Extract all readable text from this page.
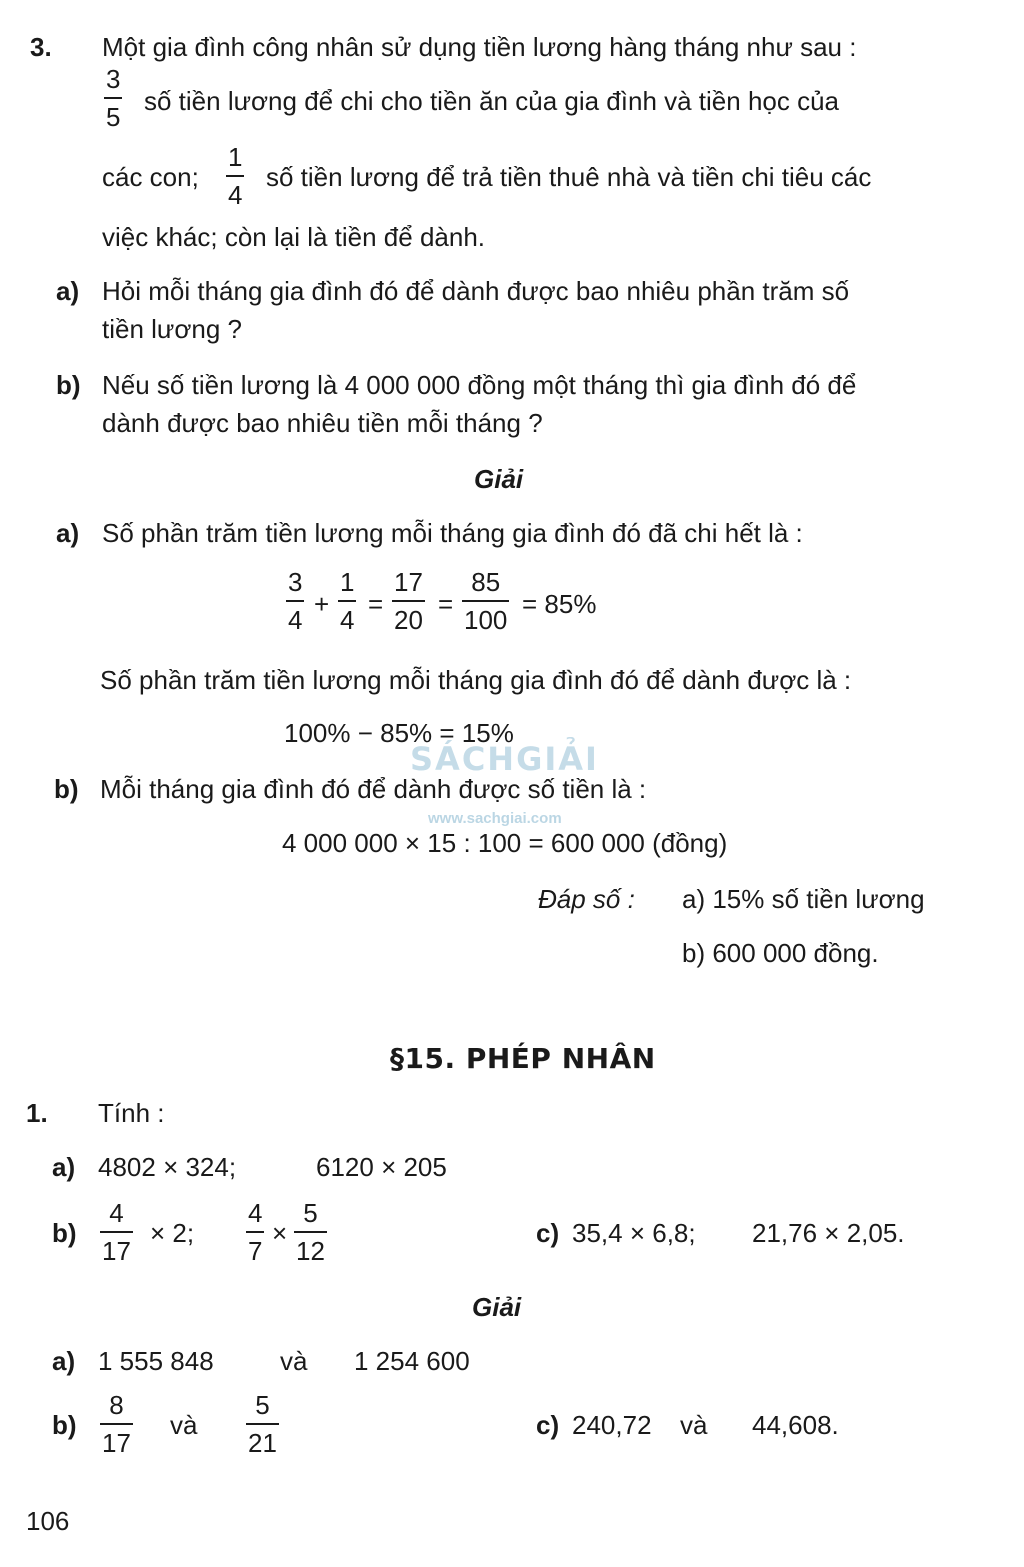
3. Một gia đình công nhân sử dụng tiền lương hàng tháng như sau :
3
5
số tiền lương để chi cho tiền ăn của gia đình và tiền học của
các con;
1
4
số tiền lương để trả tiền thuê nhà và tiền chi tiêu các
việc khác; còn lại là tiền để dành.
a) Hỏi mỗi tháng gia đình đó để dành được bao nhiêu phần trăm số
tiền lương ?
b) Nếu số tiền lương là 4 000 000 đồng một tháng thì gia đình đó để
dành được bao nhiêu tiền mỗi tháng ?
Giải
a) Số phần trăm tiền lương mỗi tháng gia đình đó đã chi hết là :
3
4
+
1
4
=
17
20
=
85
100
= 85%
Số phần trăm tiền lương mỗi tháng gia đình đó để dành được là :
100% − 85% = 15%
b) Mỗi tháng gia đình đó để dành được số tiền là :
4 000 000 × 15 : 100 = 600 000 (đồng)
Đáp số : a) 15% số tiền lương
b) 600 000 đồng.
SÁCHGIẢI
www.sachgiai.com
§15. PHÉP NHÂN
1. Tính :
a) 4802 × 324;	6120 × 205
b)
4
17
× 2;
4
7
×
5
12
c) 35,4 × 6,8; 21,76 × 2,05.
Giải
a) 1 555 848	và 1 254 600
b)
8
17
và
5
21
c) 240,72 và 44,608.
106
